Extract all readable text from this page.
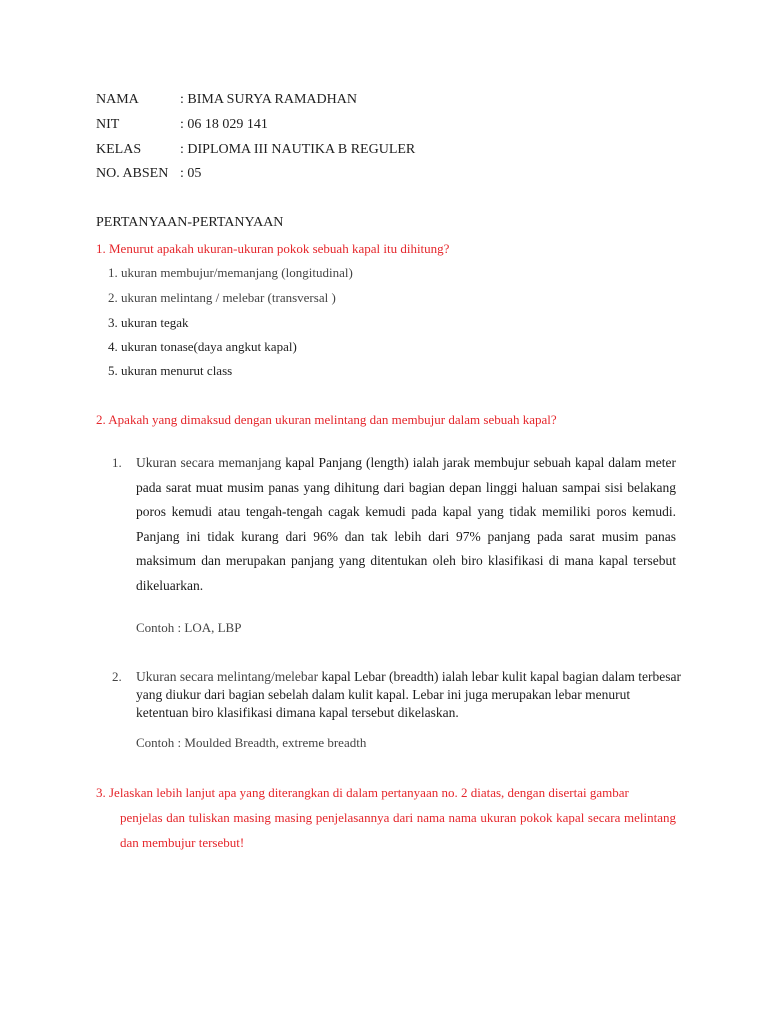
NAMA	: BIMA SURYA RAMADHAN
NIT	: 06 18 029 141
KELAS	: DIPLOMA III NAUTIKA B REGULER
NO. ABSEN : 05
PERTANYAAN-PERTANYAAN
1. Menurut apakah ukuran-ukuran pokok sebuah kapal itu dihitung?
1. ukuran membujur/memanjang (longitudinal)
2. ukuran melintang / melebar (transversal )
3. ukuran tegak
4. ukuran tonase(daya angkut kapal)
5. ukuran menurut class
2. Apakah yang dimaksud dengan ukuran melintang dan membujur dalam sebuah kapal?
1. Ukuran secara memanjang kapal Panjang (length) ialah jarak membujur sebuah kapal dalam meter pada sarat muat musim panas yang dihitung dari bagian depan linggi haluan sampai sisi belakang poros kemudi atau tengah-tengah cagak kemudi pada kapal yang tidak memiliki poros kemudi. Panjang ini tidak kurang dari 96% dan tak lebih dari 97% panjang pada sarat musim panas maksimum dan merupakan panjang yang ditentukan oleh biro klasifikasi di mana kapal tersebut dikeluarkan.
Contoh : LOA, LBP
2. Ukuran secara melintang/melebar kapal Lebar (breadth) ialah lebar kulit kapal bagian dalam terbesar yang diukur dari bagian sebelah dalam kulit kapal. Lebar ini juga merupakan lebar menurut ketentuan biro klasifikasi dimana kapal tersebut dikelaskan.
Contoh : Moulded Breadth, extreme breadth
3. Jelaskan lebih lanjut apa yang diterangkan di dalam pertanyaan no. 2 diatas, dengan disertai gambar
penjelas dan tuliskan masing masing penjelasannya dari nama nama ukuran pokok kapal secara melintang dan membujur tersebut!
